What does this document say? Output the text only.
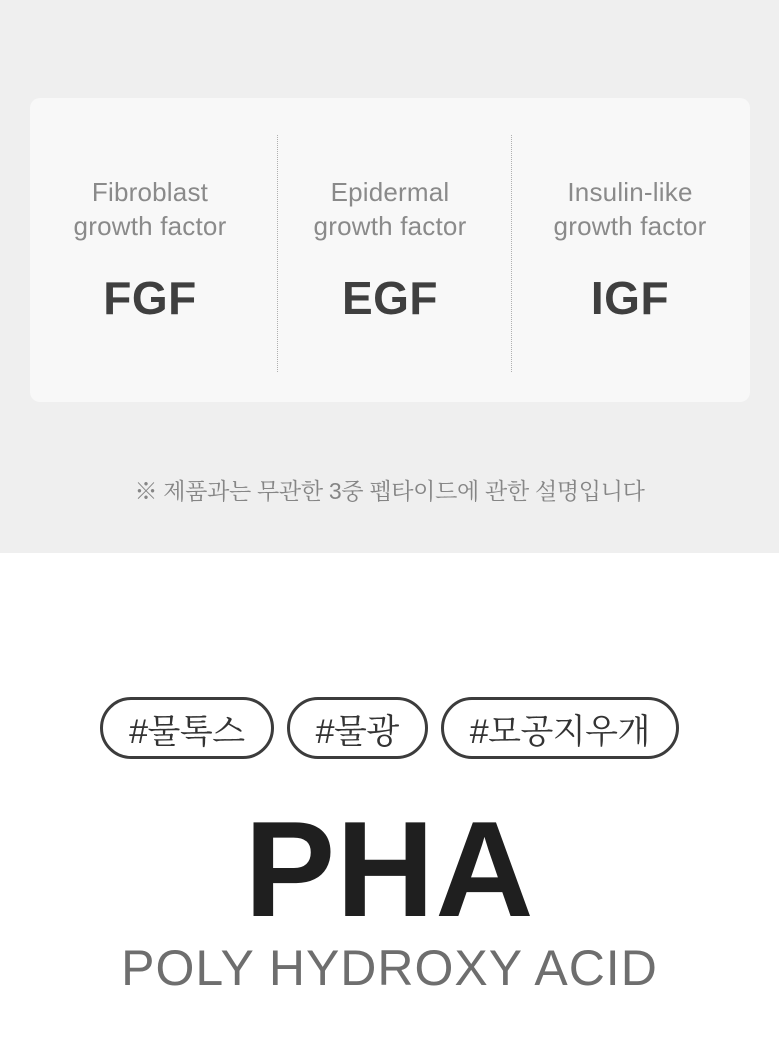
Fibroblast
growth factor
FGF
Epidermal
growth factor
EGF
Insulin-like
growth factor
IGF
※ 제품과는 무관한 3중 펩타이드에 관한 설명입니다
#물톡스	#물광	#모공지우개
PHA
POLY HYDROXY ACID
